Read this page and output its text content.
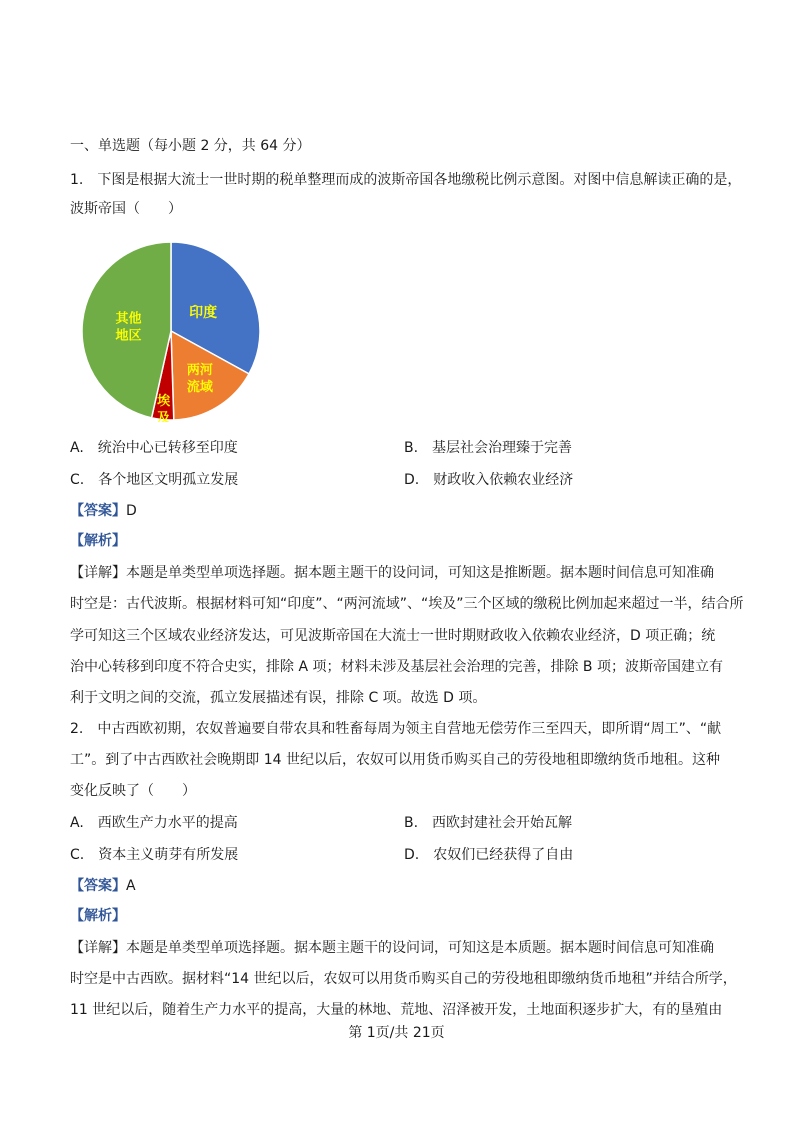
一、单选题（每小题 2 分，共 64 分）
1.　下图是根据大流士一世时期的税单整理而成的波斯帝国各地缴税比例示意图。对图中信息解读正确的是，
波斯帝国（　　）
印度
两河流域
埃及
其他地区
A.　统治中心已转移至印度	B.　基层社会治理臻于完善
C.　各个地区文明孤立发展	D.　财政收入依赖农业经济
【答案】D
【解析】
【详解】本题是单类型单项选择题。据本题主题干的设问词，可知这是推断题。据本题时间信息可知准确
时空是：古代波斯。根据材料可知“印度”、“两河流域”、“埃及”三个区域的缴税比例加起来超过一半，结合所
学可知这三个区域农业经济发达，可见波斯帝国在大流士一世时期财政收入依赖农业经济，D 项正确；统
治中心转移到印度不符合史实，排除 A 项；材料未涉及基层社会治理的完善，排除 B 项；波斯帝国建立有
利于文明之间的交流，孤立发展描述有误，排除 C 项。故选 D 项。
2.　中古西欧初期，农奴普遍要自带农具和牲畜每周为领主自营地无偿劳作三至四天，即所谓“周工”、“献
工”。到了中古西欧社会晚期即 14 世纪以后，农奴可以用货币购买自己的劳役地租即缴纳货币地租。这种
变化反映了（　　）
A.　西欧生产力水平的提高	B.　西欧封建社会开始瓦解
C.　资本主义萌芽有所发展	D.　农奴们已经获得了自由
【答案】A
【解析】
【详解】本题是单类型单项选择题。据本题主题干的设问词，可知这是本质题。据本题时间信息可知准确
时空是中古西欧。据材料“14 世纪以后，农奴可以用货币购买自己的劳役地租即缴纳货币地租”并结合所学，
11 世纪以后，随着生产力水平的提高，大量的林地、荒地、沼泽被开发，土地面积逐步扩大，有的垦殖由
第 1页/共 21页
